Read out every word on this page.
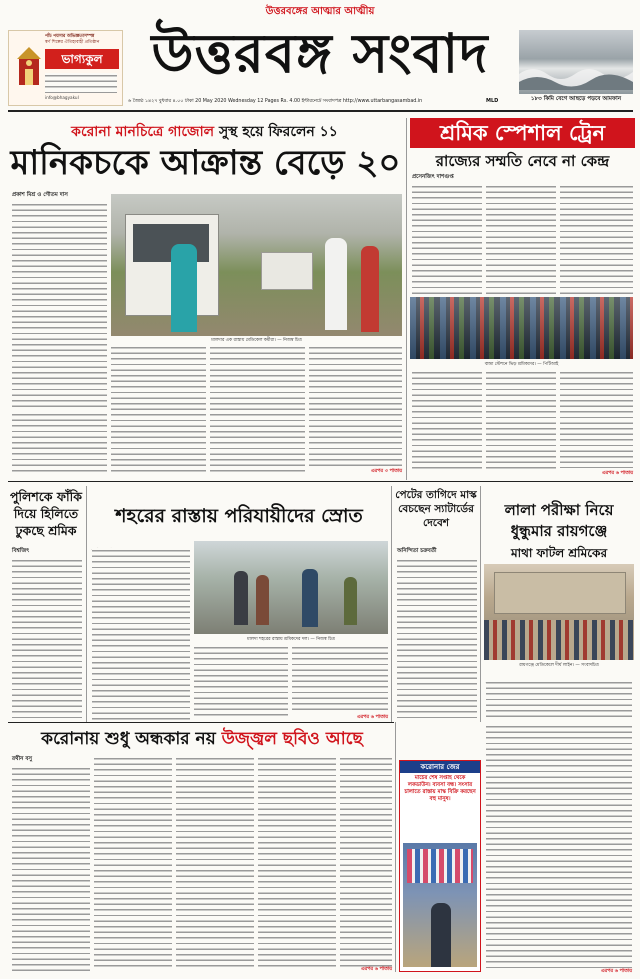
পাঁচ পয়সার অভিজ্ঞতাসম্পন্ন
স্বর্ণ শিল্পের ঐতিহ্যবাহী প্রতিষ্ঠান
ভাগ্যকুল
info@bhagyakul
উত্তরবঙ্গের আত্মার আত্মীয়
উত্তরবঙ্গ সংবাদ
১৮৩ কিমি বেগে আছড়ে পড়বে আমফান
৬ জ্যৈষ্ঠ ১৪২৭ বুধবার ৪.০০ টাকা 20 May 2020 Wednesday 12 Pages Rs. 4.00 ইন্টারনেটে সংবাদপত্র http://www.uttarbangasambad.in	MLD
করোনা মানচিত্রে গাজোল সুস্থ হয়ে ফিরলেন ১১
মানিকচকে আক্রান্ত বেড়ে ২০
প্রকাশ মিশ্র ও গৌতম দাস
মালদার এক রাস্তায় মেডিকেল কর্মীরা। — নিজস্ব চিত্র
এরপর ৩ পাতায়
শ্রমিক স্পেশাল ট্রেন
রাজ্যের সম্মতি নেবে না কেন্দ্র
প্রসেনজিৎ দাশগুপ্ত
বান্দ্রা স্টেশনে ভিড় শ্রমিকদের। — পিটিআই
এরপর ৬ পাতায়
পুলিশকে ফাঁকি দিয়ে হিলিতে ঢুকছে শ্রমিক
বিশ্বজিৎ
শহরের রাস্তায় পরিযায়ীদের স্রোত
মালদা শহরের রাস্তায় শ্রমিকদের দল। — নিজস্ব চিত্র
এরপর ৬ পাতায়
পেটের তাগিদে মাস্ক বেচছেন স্যাটার্ডের দেবেশ
অনিন্দিতা চক্রবর্তী
লালা পরীক্ষা নিয়ে ধুন্ধুমার রায়গঞ্জে
মাথা ফাটল শ্রমিকের
রায়গঞ্জে মেডিকেলে দীর্ঘ লাইন। — সংবাদচিত্র
করোনায় শুধু অন্ধকার নয় উজ্জ্বল ছবিও আছে
রথীন বসু
করোনার জের
মার্চের শেষ সপ্তাহ থেকে লকডাউন। ব্যবসা বন্ধ। সংসার চালাতে রাস্তায় মাস্ক বিক্রি করছেন বহু মানুষ।
এরপর ৬ পাতায়	এরপর ৬ পাতায়
